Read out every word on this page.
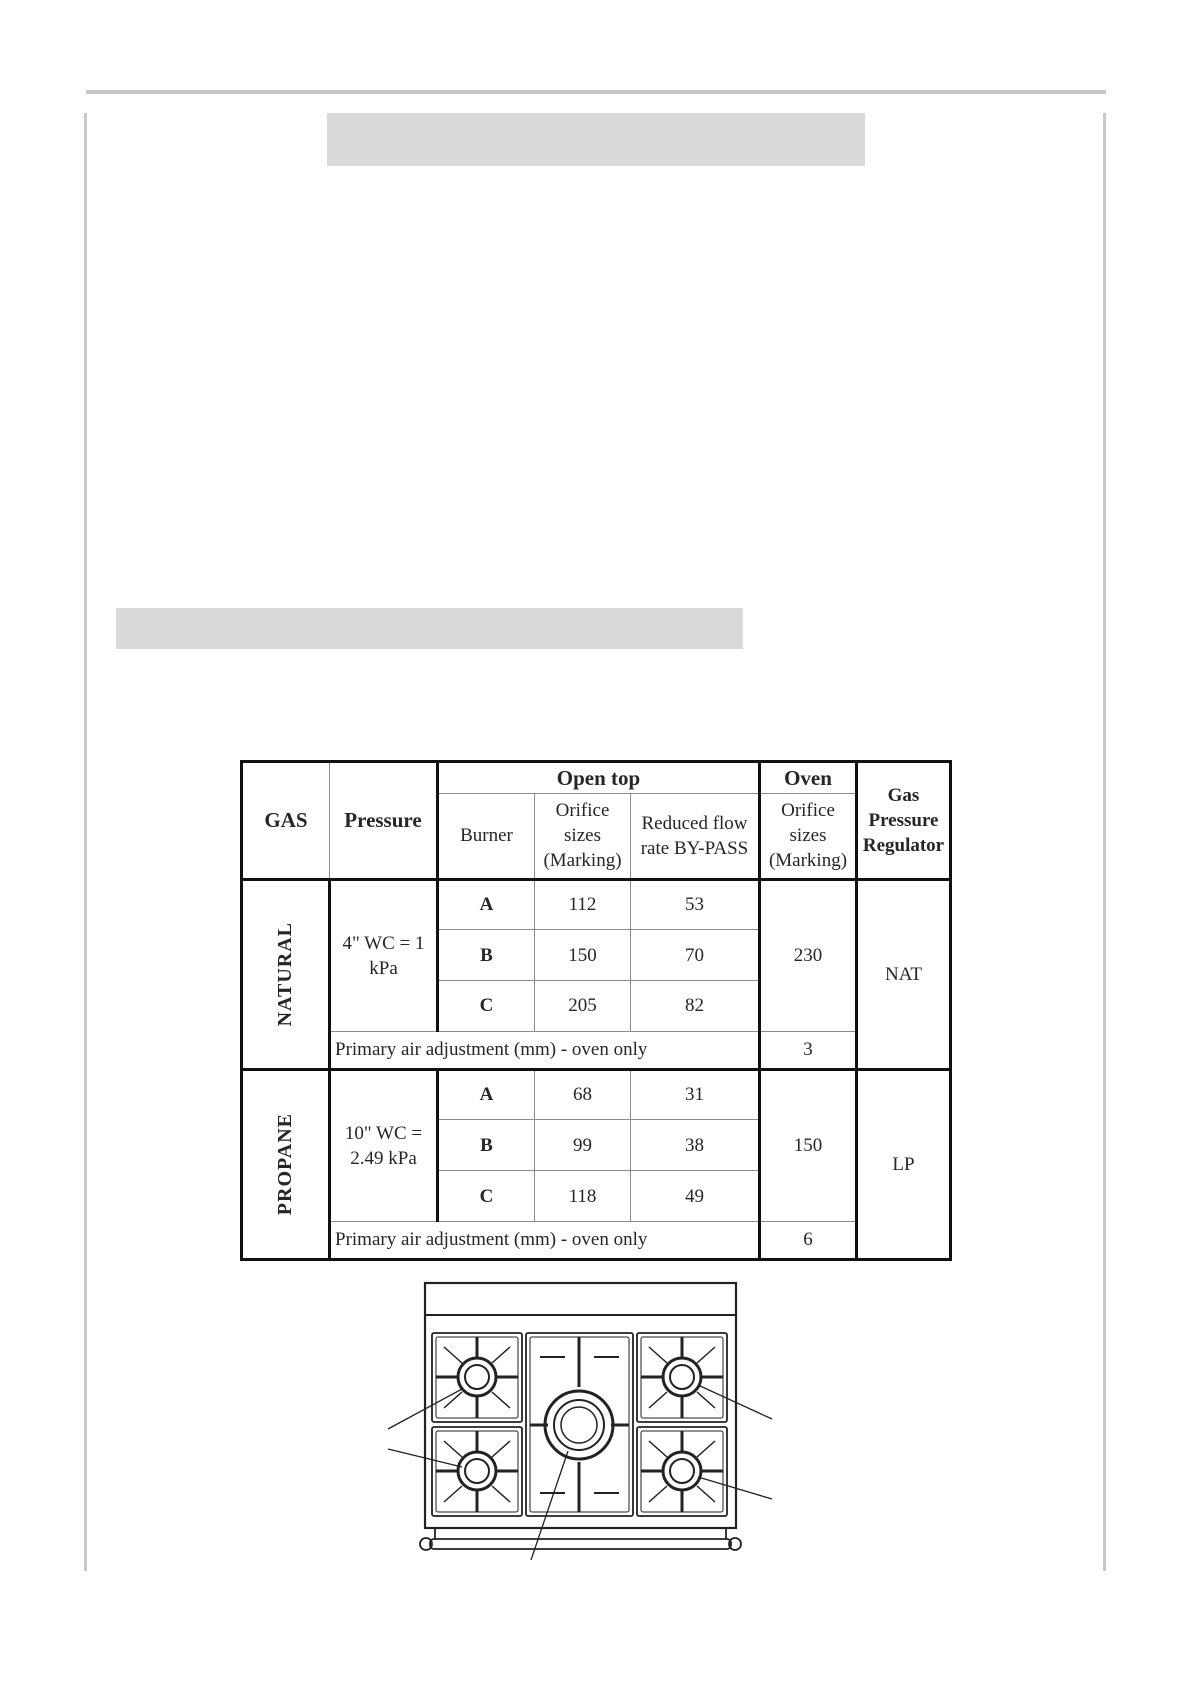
GAS	Pressure	Open top			Oven	Gas Pressure Regulator
		Burner	Orifice sizes (Marking)	Reduced flow rate BY-PASS	Orifice sizes (Marking)	

NATURAL	4" WC = 1 kPa	A	112	53	230	NAT
		B	150	70		
		C	205	82		
	Primary air adjustment (mm) - oven only				3	

PROPANE	10" WC = 2.49 kPa	A	68	31	150	LP
		B	99	38		
		C	118	49		
	Primary air adjustment (mm) - oven only				6	
